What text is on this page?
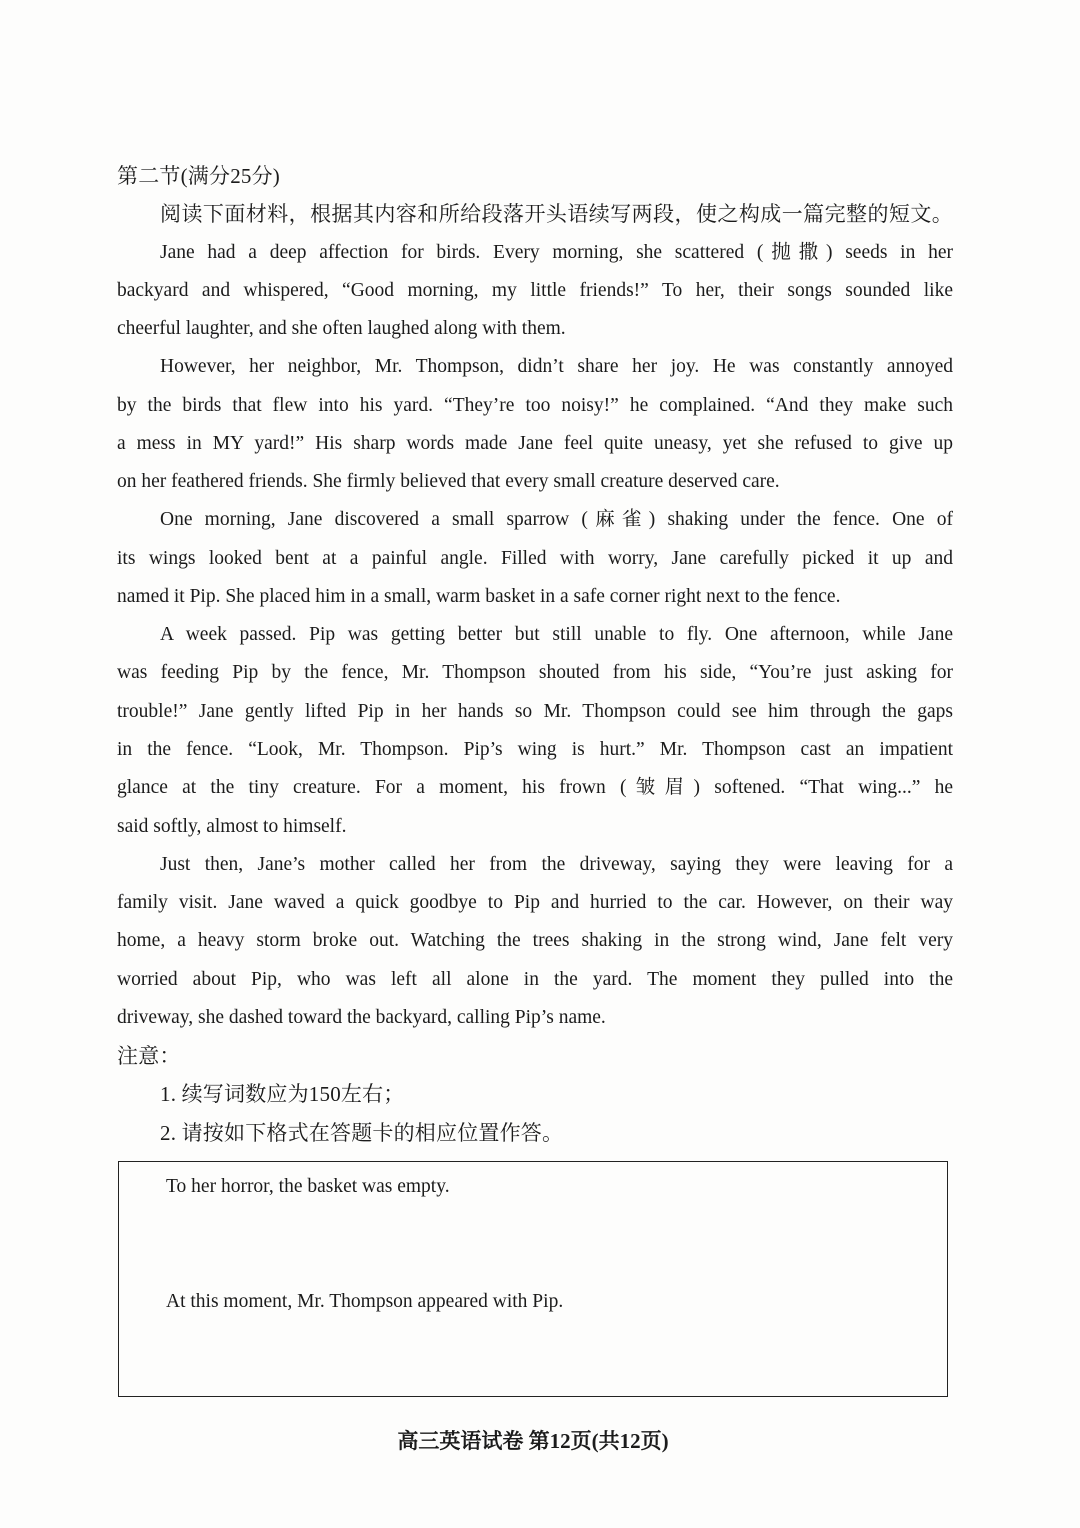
第二节(满分25分)
阅读下面材料，根据其内容和所给段落开头语续写两段，使之构成一篇完整的短文。
Jane had a deep affection for birds. Every morning, she scattered (抛撒) seeds in her
backyard and whispered, “Good morning, my little friends!” To her, their songs sounded like
cheerful laughter, and she often laughed along with them.
However, her neighbor, Mr. Thompson, didn’t share her joy. He was constantly annoyed
by the birds that flew into his yard. “They’re too noisy!” he complained. “And they make such
a mess in MY yard!” His sharp words made Jane feel quite uneasy, yet she refused to give up
on her feathered friends. She firmly believed that every small creature deserved care.
One morning, Jane discovered a small sparrow (麻雀) shaking under the fence. One of
its wings looked bent at a painful angle. Filled with worry, Jane carefully picked it up and
named it Pip. She placed him in a small, warm basket in a safe corner right next to the fence.
A week passed. Pip was getting better but still unable to fly. One afternoon, while Jane
was feeding Pip by the fence, Mr. Thompson shouted from his side, “You’re just asking for
trouble!” Jane gently lifted Pip in her hands so Mr. Thompson could see him through the gaps
in the fence. “Look, Mr. Thompson. Pip’s wing is hurt.” Mr. Thompson cast an impatient
glance at the tiny creature. For a moment, his frown (皱眉) softened. “That wing...” he
said softly, almost to himself.
Just then, Jane’s mother called her from the driveway, saying they were leaving for a
family visit. Jane waved a quick goodbye to Pip and hurried to the car. However, on their way
home, a heavy storm broke out. Watching the trees shaking in the strong wind, Jane felt very
worried about Pip, who was left all alone in the yard. The moment they pulled into the
driveway, she dashed toward the backyard, calling Pip’s name.
注意：
1. 续写词数应为150左右；
2. 请按如下格式在答题卡的相应位置作答。
To her horror, the basket was empty.
At this moment, Mr. Thompson appeared with Pip.
高三英语试卷 第12页(共12页)
